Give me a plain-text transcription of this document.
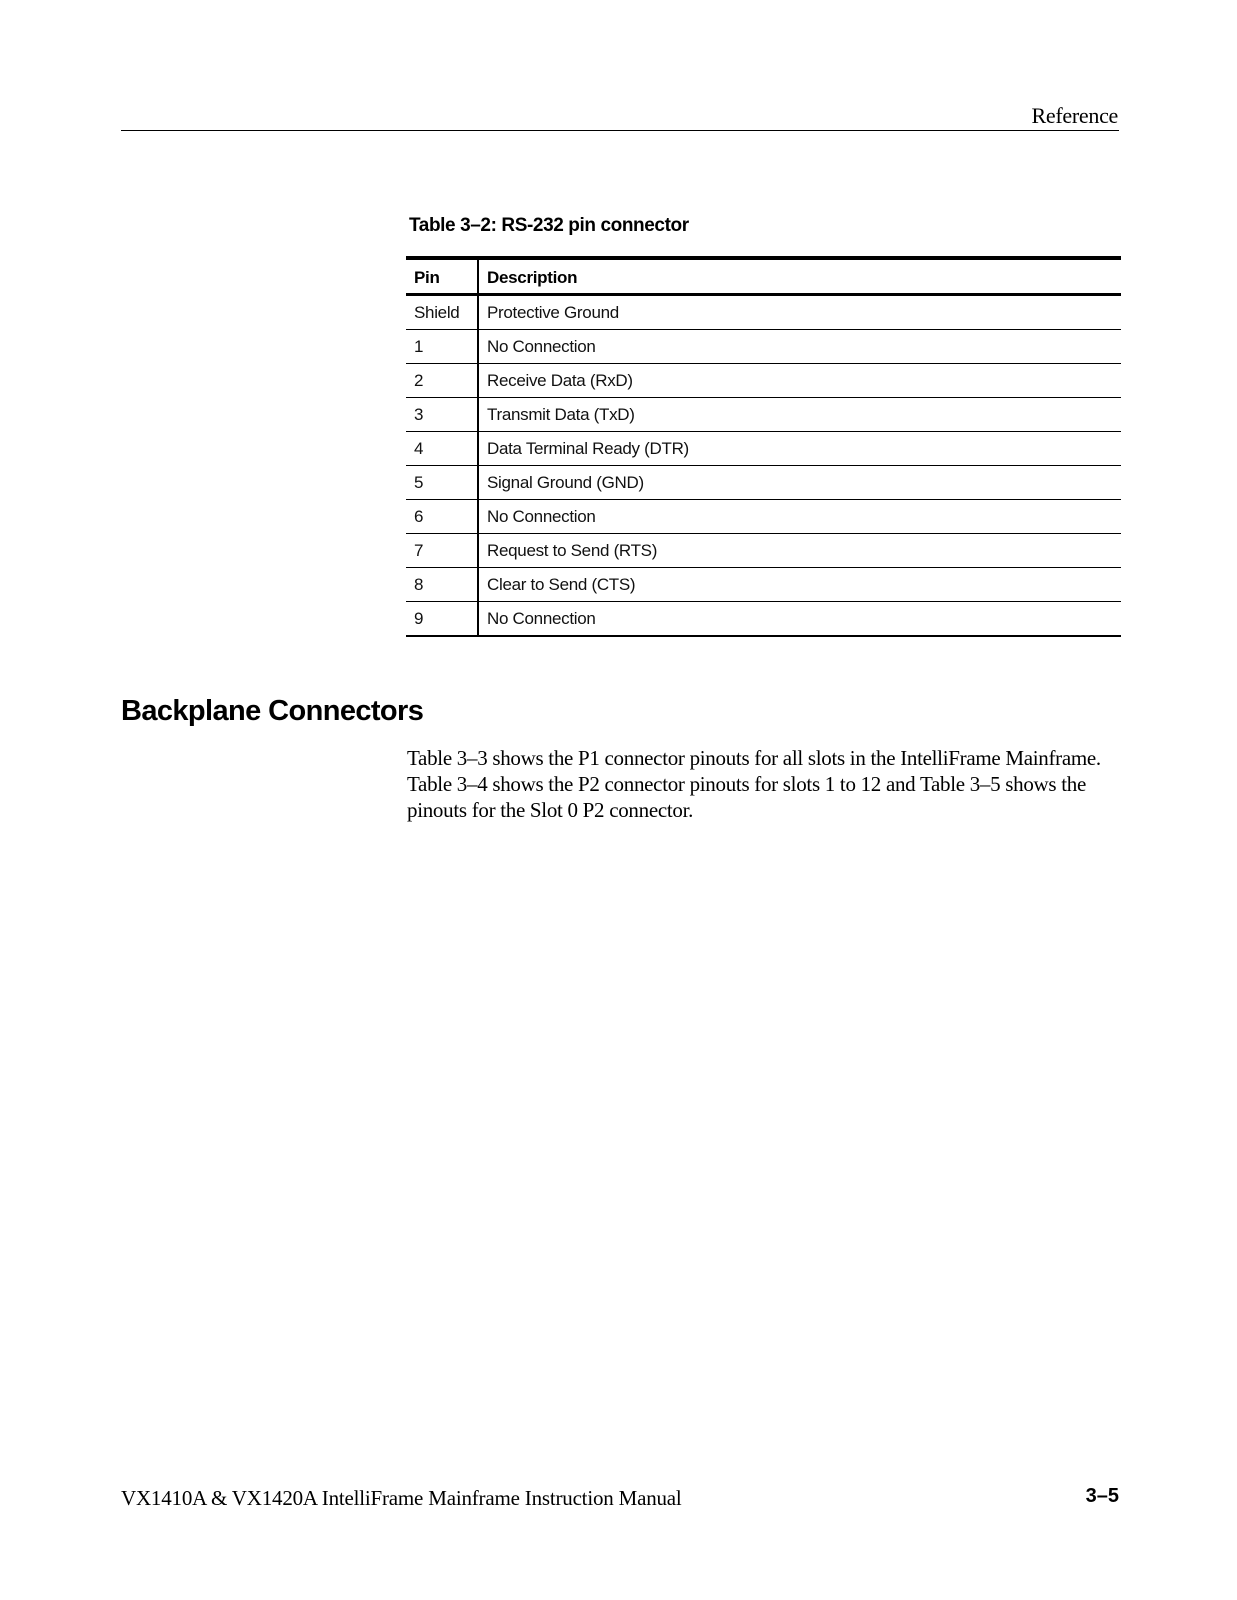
Reference
Table 3–2: RS-232 pin connector
Pin	Description
Shield	Protective Ground
1	No Connection
2	Receive Data (RxD)
3	Transmit Data (TxD)
4	Data Terminal Ready (DTR)
5	Signal Ground (GND)
6	No Connection
7	Request to Send (RTS)
8	Clear to Send (CTS)
9	No Connection
Backplane Connectors

Table 3–3 shows the P1 connector pinouts for all slots in the IntelliFrame Mainframe. Table 3–4 shows the P2 connector pinouts for slots 1 to 12 and Table 3–5 shows the pinouts for the Slot 0 P2 connector.

VX1410A & VX1420A IntelliFrame Mainframe Instruction Manual	3–5
